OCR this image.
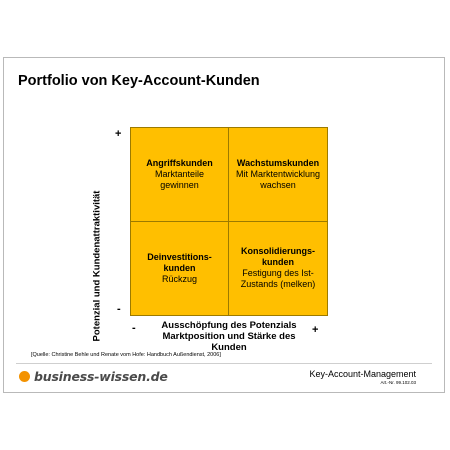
Portfolio von Key-Account-Kunden
Potenzial und Kundenattraktivität
+
-
Angriffskunden
Marktanteile gewinnen
Wachstumskunden
Mit Marktentwicklung wachsen
Deinvestitions-kunden
Rückzug
Konsolidierungs-kunden
Festigung des Ist-Zustands (melken)
-	+
Ausschöpfung des Potenzials
Marktposition und Stärke des Kunden
[Quelle: Christine Behle und Renate vom Hofe: Handbuch Außendienst, 2006]
business-wissen.de	Key-Account-Management
Art.-Nr. 99.102.03
